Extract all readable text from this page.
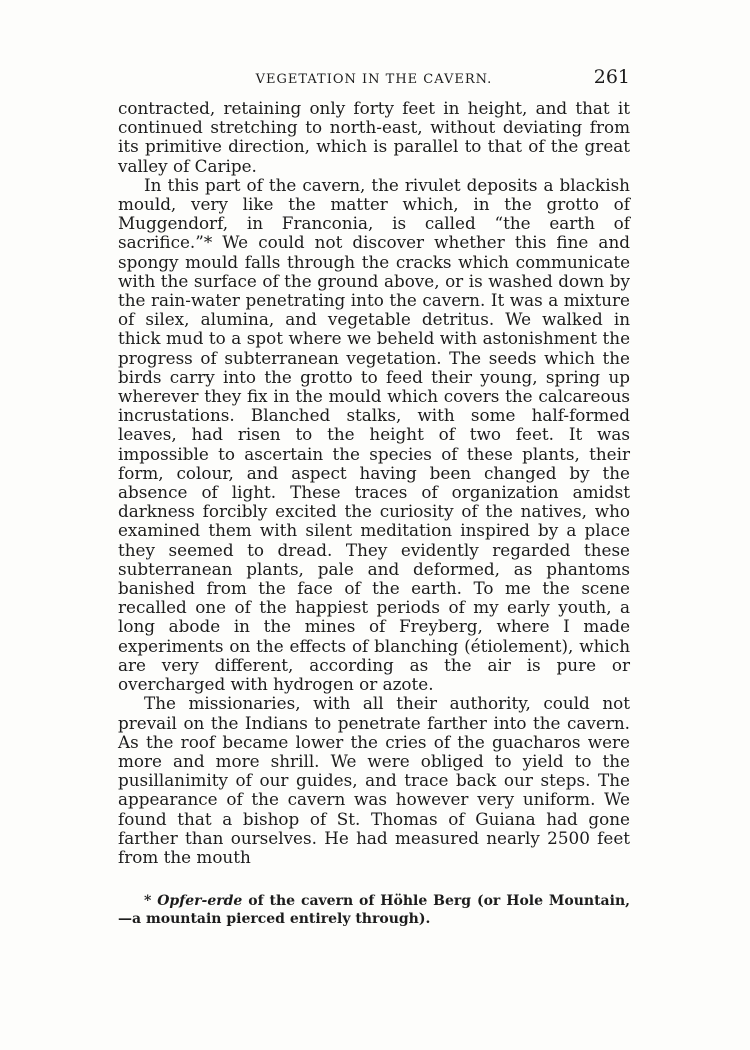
VEGETATION IN THE CAVERN.	261

contracted, retaining only forty feet in height, and that it continued stretching to north-east, without deviating from its primitive direction, which is parallel to that of the great valley of Caripe.

In this part of the cavern, the rivulet deposits a blackish mould, very like the matter which, in the grotto of Muggendorf, in Franconia, is called “the earth of sacrifice.”* We could not discover whether this fine and spongy mould falls through the cracks which communicate with the surface of the ground above, or is washed down by the rain-water penetrating into the cavern. It was a mixture of silex, alumina, and vegetable detritus. We walked in thick mud to a spot where we beheld with astonishment the progress of subterranean vegetation. The seeds which the birds carry into the grotto to feed their young, spring up wherever they fix in the mould which covers the calcareous incrustations. Blanched stalks, with some half-formed leaves, had risen to the height of two feet. It was impossible to ascertain the species of these plants, their form, colour, and aspect having been changed by the absence of light. These traces of organization amidst darkness forcibly excited the curiosity of the natives, who examined them with silent meditation inspired by a place they seemed to dread. They evidently regarded these subterranean plants, pale and deformed, as phantoms banished from the face of the earth. To me the scene recalled one of the happiest periods of my early youth, a long abode in the mines of Freyberg, where I made experiments on the effects of blanching (étiolement), which are very different, according as the air is pure or overcharged with hydrogen or azote.

The missionaries, with all their authority, could not prevail on the Indians to penetrate farther into the cavern. As the roof became lower the cries of the guacharos were more and more shrill. We were obliged to yield to the pusillanimity of our guides, and trace back our steps. The appearance of the cavern was however very uniform. We found that a bishop of St. Thomas of Guiana had gone farther than ourselves. He had measured nearly 2500 feet from the mouth

* Opfer-erde of the cavern of Höhle Berg (or Hole Mountain,—a mountain pierced entirely through).
